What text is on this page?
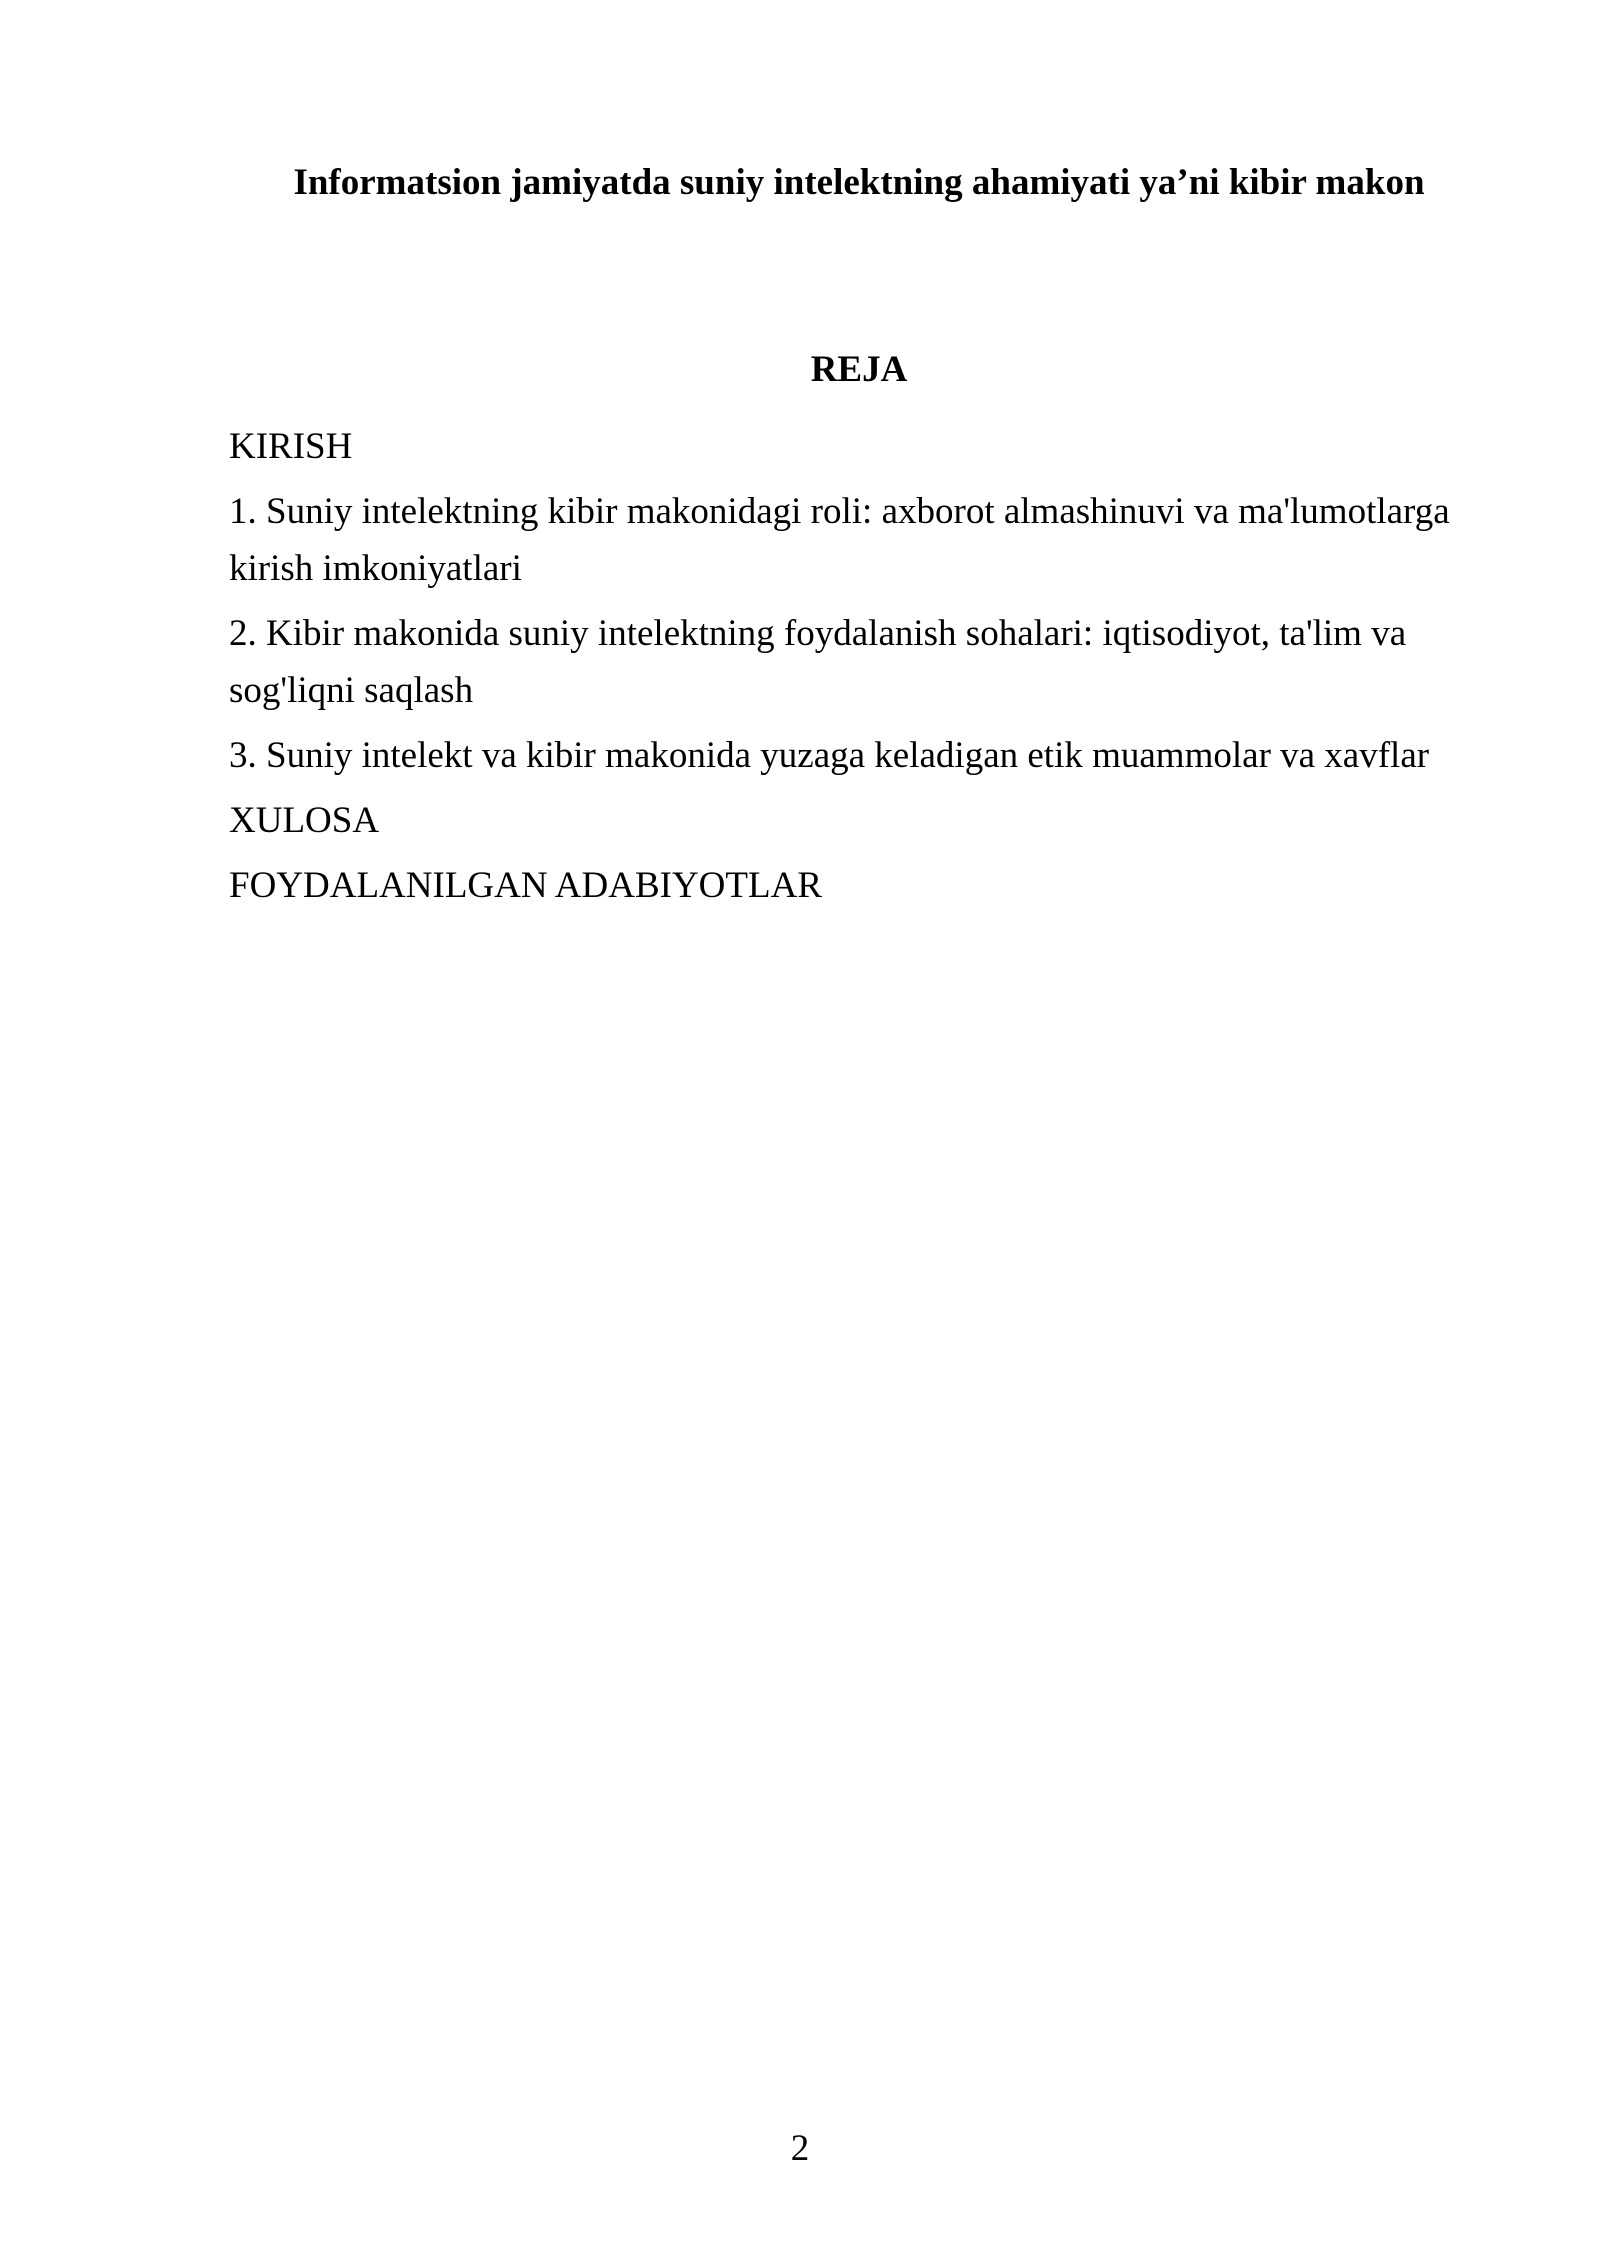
Informatsion jamiyatda suniy intelektning ahamiyati ya’ni kibir makon
REJA
KIRISH
1. Suniy intelektning kibir makonidagi roli: axborot almashinuvi va ma'lumotlarga kirish imkoniyatlari
2. Kibir makonida suniy intelektning foydalanish sohalari: iqtisodiyot, ta'lim va sog'liqni saqlash
3. Suniy intelekt va kibir makonida yuzaga keladigan etik muammolar va xavflar
XULOSA
FOYDALANILGAN ADABIYOTLAR
2
